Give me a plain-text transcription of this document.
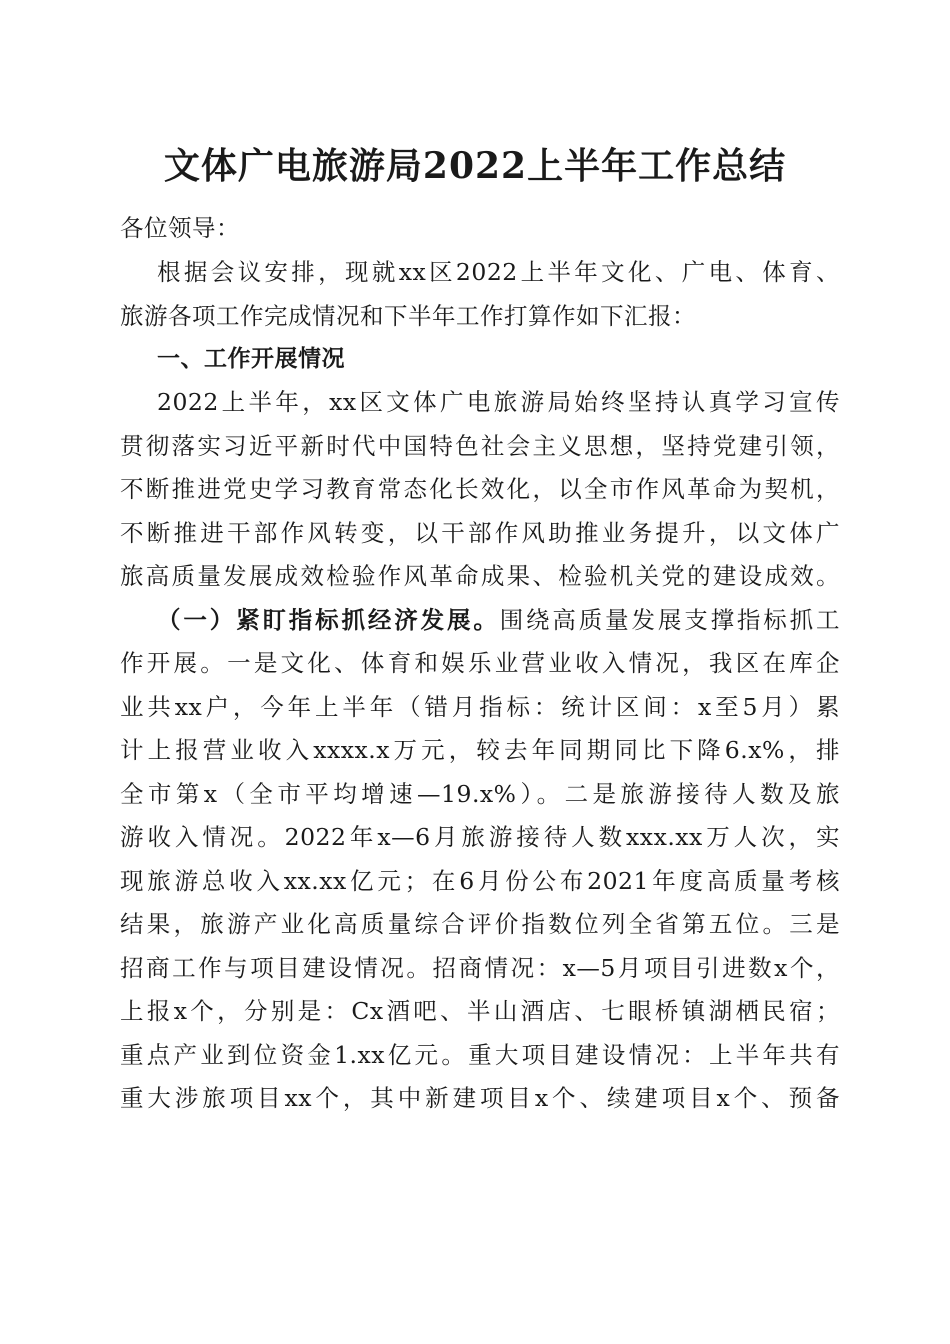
文体广电旅游局2022上半年工作总结
各位领导：
根据会议安排，现就xx区2022上半年文化、广电、体育、
旅游各项工作完成情况和下半年工作打算作如下汇报：
一、工作开展情况
2022上半年，xx区文体广电旅游局始终坚持认真学习宣传
贯彻落实习近平新时代中国特色社会主义思想，坚持党建引领，
不断推进党史学习教育常态化长效化，以全市作风革命为契机，
不断推进干部作风转变，以干部作风助推业务提升，以文体广
旅高质量发展成效检验作风革命成果、检验机关党的建设成效。
（一）紧盯指标抓经济发展。围绕高质量发展支撑指标抓工
作开展。一是文化、体育和娱乐业营业收入情况，我区在库企
业共xx户，今年上半年（错月指标：统计区间：x至5月）累
计上报营业收入xxxx.x万元，较去年同期同比下降6.x%，排
全市第x（全市平均增速—19.x%）。二是旅游接待人数及旅
游收入情况。2022年x—6月旅游接待人数xxx.xx万人次，实
现旅游总收入xx.xx亿元；在6月份公布2021年度高质量考核
结果，旅游产业化高质量综合评价指数位列全省第五位。三是
招商工作与项目建设情况。招商情况：x—5月项目引进数x个，
上报x个，分别是：Cx酒吧、半山酒店、七眼桥镇湖栖民宿；
重点产业到位资金1.xx亿元。重大项目建设情况：上半年共有
重大涉旅项目xx个，其中新建项目x个、续建项目x个、预备
